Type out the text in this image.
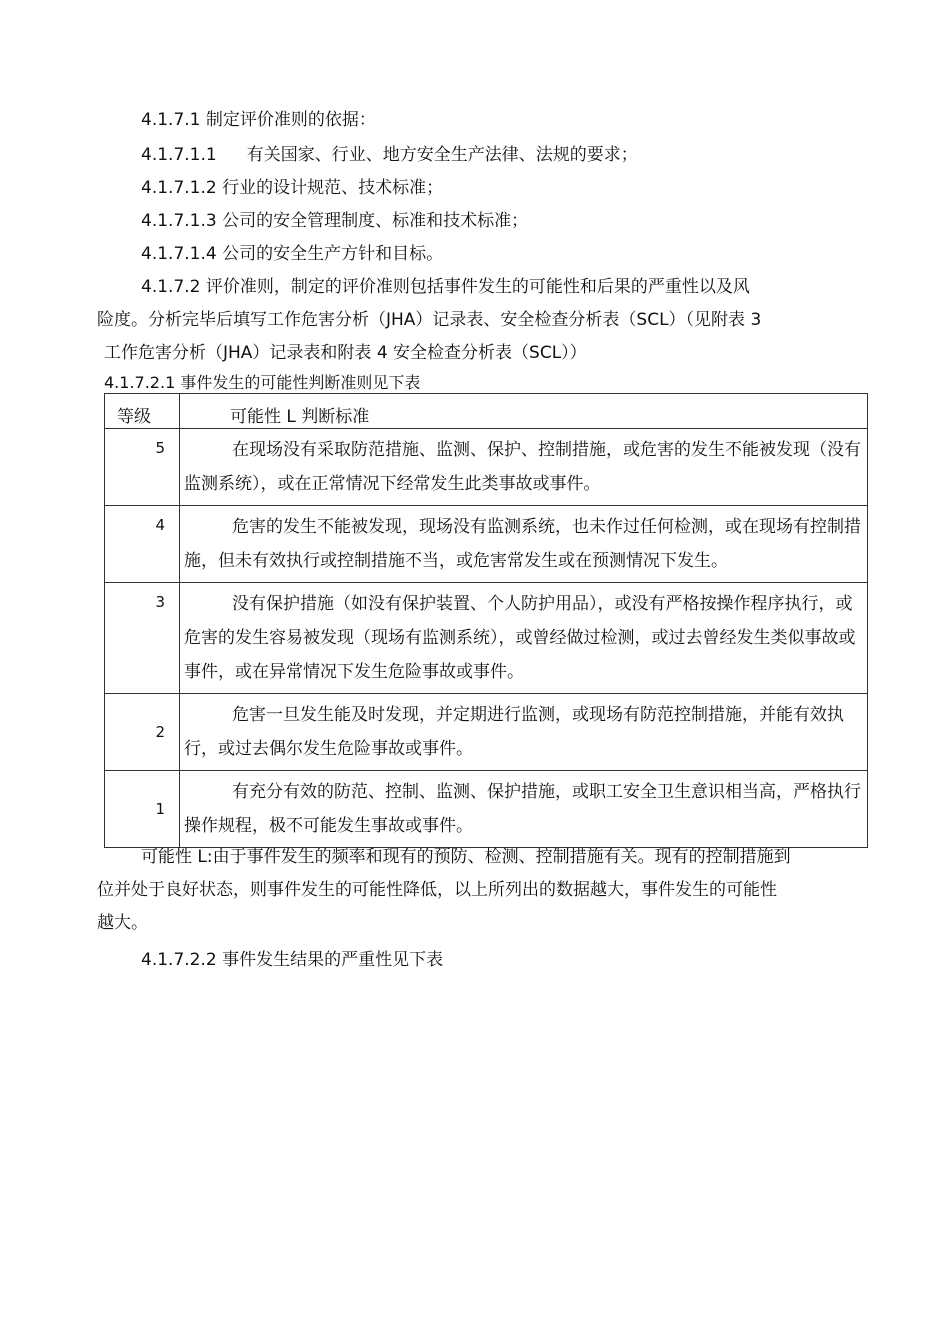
4.1.7.1 制定评价准则的依据：
4.1.7.1.1 有关国家、行业、地方安全生产法律、法规的要求；
4.1.7.1.2 行业的设计规范、技术标准；
4.1.7.1.3 公司的安全管理制度、标准和技术标准；
4.1.7.1.4 公司的安全生产方针和目标。
4.1.7.2 评价准则，制定的评价准则包括事件发生的可能性和后果的严重性以及风
险度。分析完毕后填写工作危害分析（JHA）记录表、安全检查分析表（SCL）（见附表 3
工作危害分析（JHA）记录表和附表 4 安全检查分析表（SCL））
4.1.7.2.1 事件发生的可能性判断准则见下表
等级	可能性 L 判断标准
5	在现场没有采取防范措施、监测、保护、控制措施，或危害的发生不能被发现（没有监测系统），或在正常情况下经常发生此类事故或事件。
4	危害的发生不能被发现，现场没有监测系统，也未作过任何检测，或在现场有控制措施，但未有效执行或控制措施不当，或危害常发生或在预测情况下发生。
3	没有保护措施（如没有保护装置、个人防护用品），或没有严格按操作程序执行，或危害的发生容易被发现（现场有监测系统），或曾经做过检测，或过去曾经发生类似事故或事件，或在异常情况下发生危险事故或事件。
2	危害一旦发生能及时发现，并定期进行监测，或现场有防范控制措施，并能有效执行，或过去偶尔发生危险事故或事件。
1	有充分有效的防范、控制、监测、保护措施，或职工安全卫生意识相当高，严格执行操作规程，极不可能发生事故或事件。
可能性 L:由于事件发生的频率和现有的预防、检测、控制措施有关。现有的控制措施到
位并处于良好状态，则事件发生的可能性降低，以上所列出的数据越大，事件发生的可能性
越大。
4.1.7.2.2 事件发生结果的严重性见下表
